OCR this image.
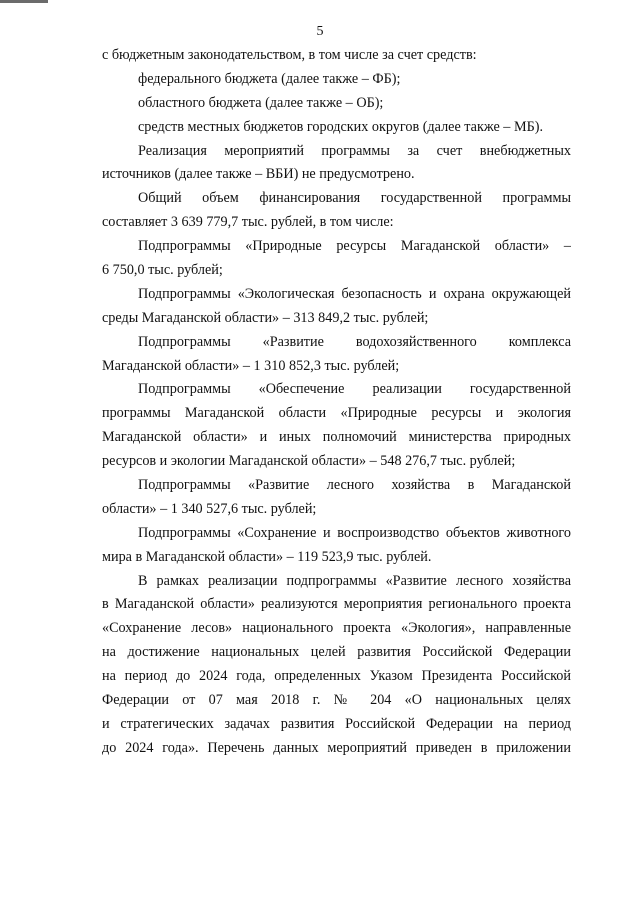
5
с бюджетным законодательством, в том числе за счет средств:
федерального бюджета (далее также – ФБ);
областного бюджета (далее также – ОБ);
средств местных бюджетов городских округов (далее также – МБ).
Реализация мероприятий программы за счет внебюджетных
источников (далее также – ВБИ) не предусмотрено.
Общий объем финансирования государственной программы
составляет 3 639 779,7 тыс. рублей, в том числе:
Подпрограммы «Природные ресурсы Магаданской области» –
6 750,0 тыс. рублей;
Подпрограммы «Экологическая безопасность и охрана окружающей
среды Магаданской области» – 313 849,2 тыс. рублей;
Подпрограммы «Развитие водохозяйственного комплекса
Магаданской области» – 1 310 852,3 тыс. рублей;
Подпрограммы «Обеспечение реализации государственной
программы Магаданской области «Природные ресурсы и экология
Магаданской области» и иных полномочий министерства природных
ресурсов и экологии Магаданской области» – 548 276,7 тыс. рублей;
Подпрограммы «Развитие лесного хозяйства в Магаданской
области» – 1 340 527,6 тыс. рублей;
Подпрограммы «Сохранение и воспроизводство объектов животного
мира в Магаданской области» – 119 523,9 тыс. рублей.
В рамках реализации подпрограммы «Развитие лесного хозяйства
в Магаданской области» реализуются мероприятия регионального проекта
«Сохранение лесов» национального проекта «Экология», направленные
на достижение национальных целей развития Российской Федерации
на период до 2024 года, определенных Указом Президента Российской
Федерации от 07 мая 2018 г. № 204 «О национальных целях
и стратегических задачах развития Российской Федерации на период
до 2024 года». Перечень данных мероприятий приведен в приложении
